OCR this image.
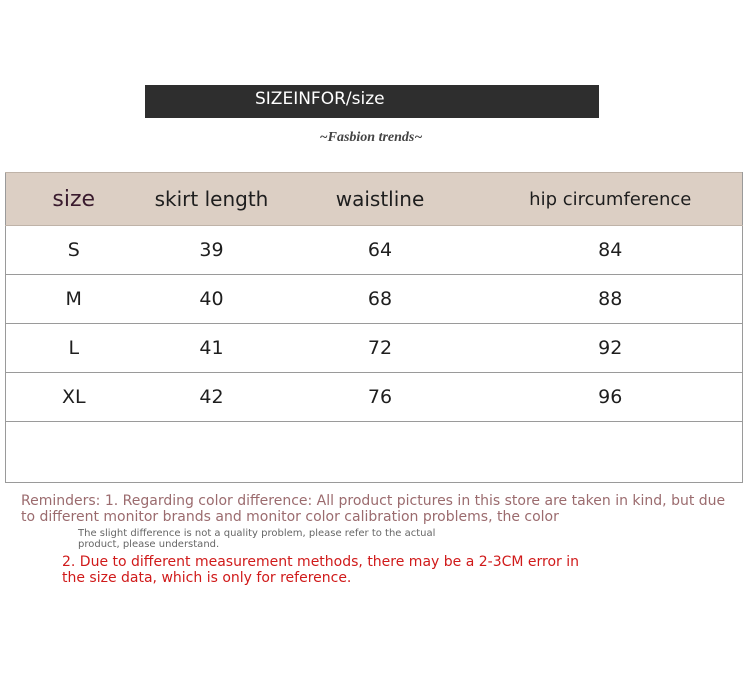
SIZEINFOR/size
~Fasbion trends~
size	skirt length	waistline	hip circumference
S	39	64	84
M	40	68	88
L	41	72	92
XL	42	76	96

Reminders: 1. Regarding color difference: All product pictures in this store are taken in kind, but due to different monitor brands and monitor color calibration problems, the color
The slight difference is not a quality problem, please refer to the actual product, please understand.
2. Due to different measurement methods, there may be a 2-3CM error in the size data, which is only for reference.
